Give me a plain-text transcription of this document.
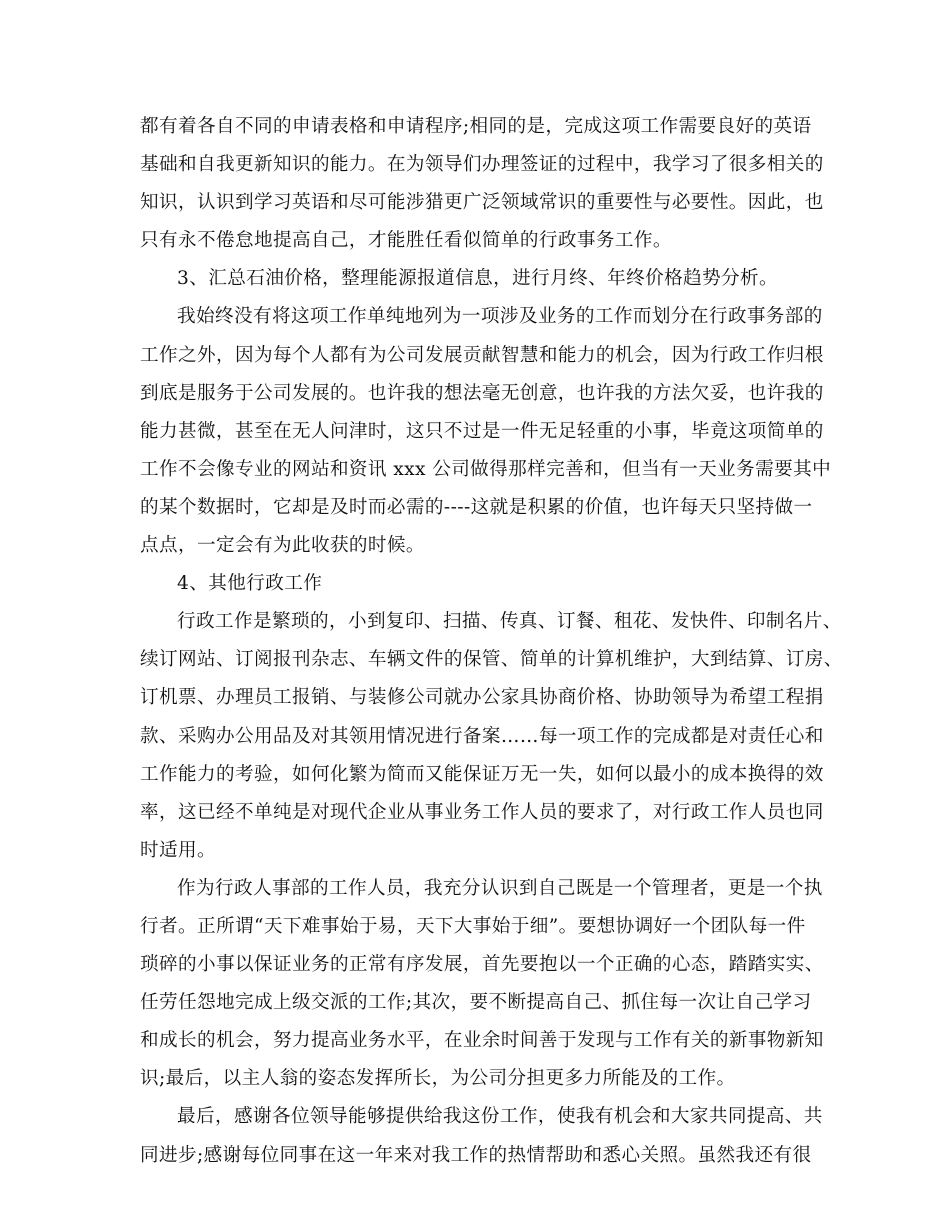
都有着各自不同的申请表格和申请程序;相同的是，完成这项工作需要良好的英语
基础和自我更新知识的能力。在为领导们办理签证的过程中，我学习了很多相关的
知识，认识到学习英语和尽可能涉猎更广泛领域常识的重要性与必要性。因此，也
只有永不倦怠地提高自己，才能胜任看似简单的行政事务工作。
3、汇总石油价格，整理能源报道信息，进行月终、年终价格趋势分析。
我始终没有将这项工作单纯地列为一项涉及业务的工作而划分在行政事务部的
工作之外，因为每个人都有为公司发展贡献智慧和能力的机会，因为行政工作归根
到底是服务于公司发展的。也许我的想法毫无创意，也许我的方法欠妥，也许我的
能力甚微，甚至在无人问津时，这只不过是一件无足轻重的小事，毕竟这项简单的
工作不会像专业的网站和资讯 xxx 公司做得那样完善和，但当有一天业务需要其中
的某个数据时，它却是及时而必需的----这就是积累的价值，也许每天只坚持做一
点点，一定会有为此收获的时候。
4、其他行政工作
行政工作是繁琐的，小到复印、扫描、传真、订餐、租花、发快件、印制名片、
续订网站、订阅报刊杂志、车辆文件的保管、简单的计算机维护，大到结算、订房、
订机票、办理员工报销、与装修公司就办公家具协商价格、协助领导为希望工程捐
款、采购办公用品及对其领用情况进行备案……每一项工作的完成都是对责任心和
工作能力的考验，如何化繁为简而又能保证万无一失，如何以最小的成本换得的效
率，这已经不单纯是对现代企业从事业务工作人员的要求了，对行政工作人员也同
时适用。
作为行政人事部的工作人员，我充分认识到自己既是一个管理者，更是一个执
行者。正所谓“天下难事始于易，天下大事始于细”。要想协调好一个团队每一件
琐碎的小事以保证业务的正常有序发展，首先要抱以一个正确的心态，踏踏实实、
任劳任怨地完成上级交派的工作;其次，要不断提高自己、抓住每一次让自己学习
和成长的机会，努力提高业务水平，在业余时间善于发现与工作有关的新事物新知
识;最后，以主人翁的姿态发挥所长，为公司分担更多力所能及的工作。
最后，感谢各位领导能够提供给我这份工作，使我有机会和大家共同提高、共
同进步;感谢每位同事在这一年来对我工作的热情帮助和悉心关照。虽然我还有很
